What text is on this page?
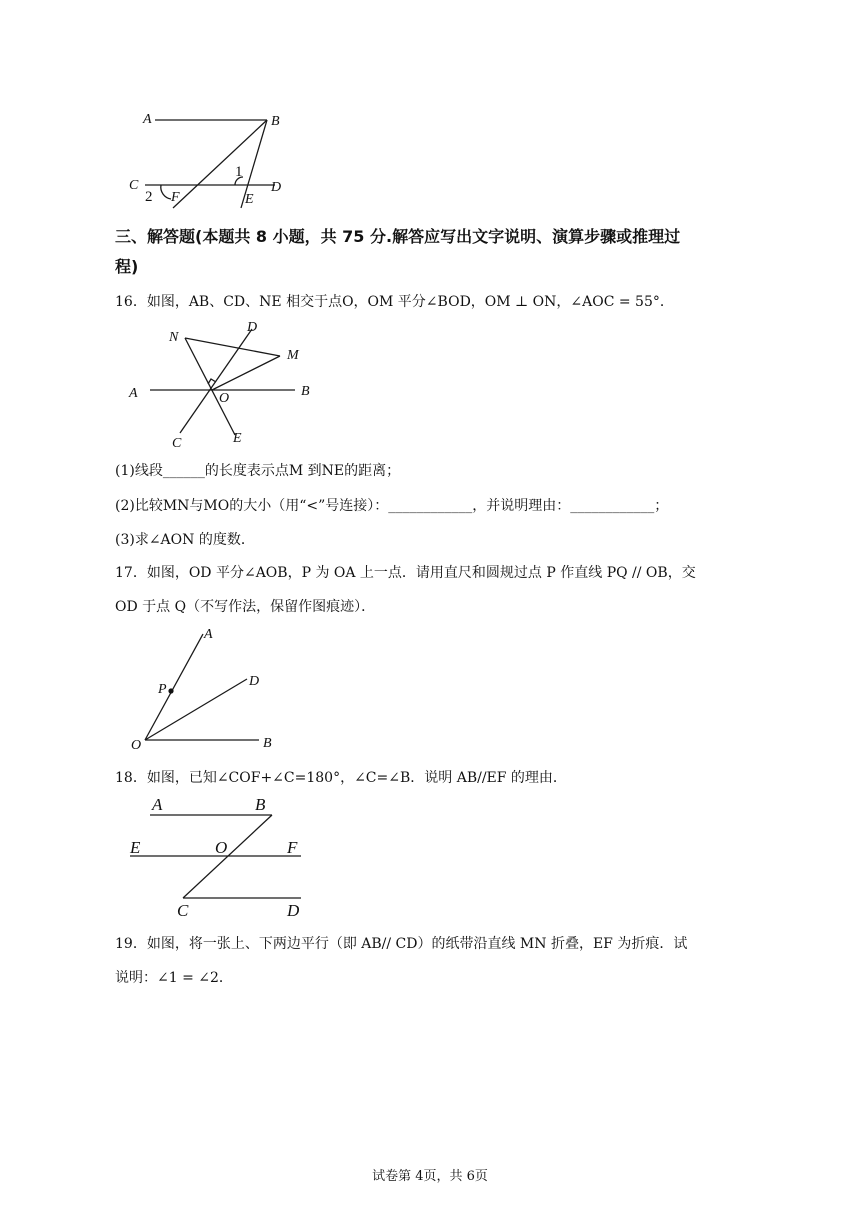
A	B
C	D
F	E
1
2
三、解答题(本题共 8 小题，共 75 分.解答应写出文字说明、演算步骤或推理过
程)
16．如图，AB、CD、NE 相交于点O，OM 平分∠BOD，OM ⊥ ON，∠AOC = 55°．
N
D
M
A	O	B
C	E
(1)线段______的长度表示点M 到NE的距离；
(2)比较MN与MO的大小（用“<”号连接）：____________，并说明理由：____________；
(3)求∠AON 的度数．
17．如图，OD 平分∠AOB，P 为 OA 上一点．请用直尺和圆规过点 P 作直线 PQ // OB，交
OD 于点 Q（不写作法，保留作图痕迹）．
A
P
D
O	B
18．如图，已知∠COF+∠C=180°，∠C=∠B．说明 AB//EF 的理由．
A	B
E	O	F
C	D
19．如图，将一张上、下两边平行（即 AB// CD）的纸带沿直线 MN 折叠，EF 为折痕．试
说明：∠1 = ∠2．
试卷第 4页，共 6页
